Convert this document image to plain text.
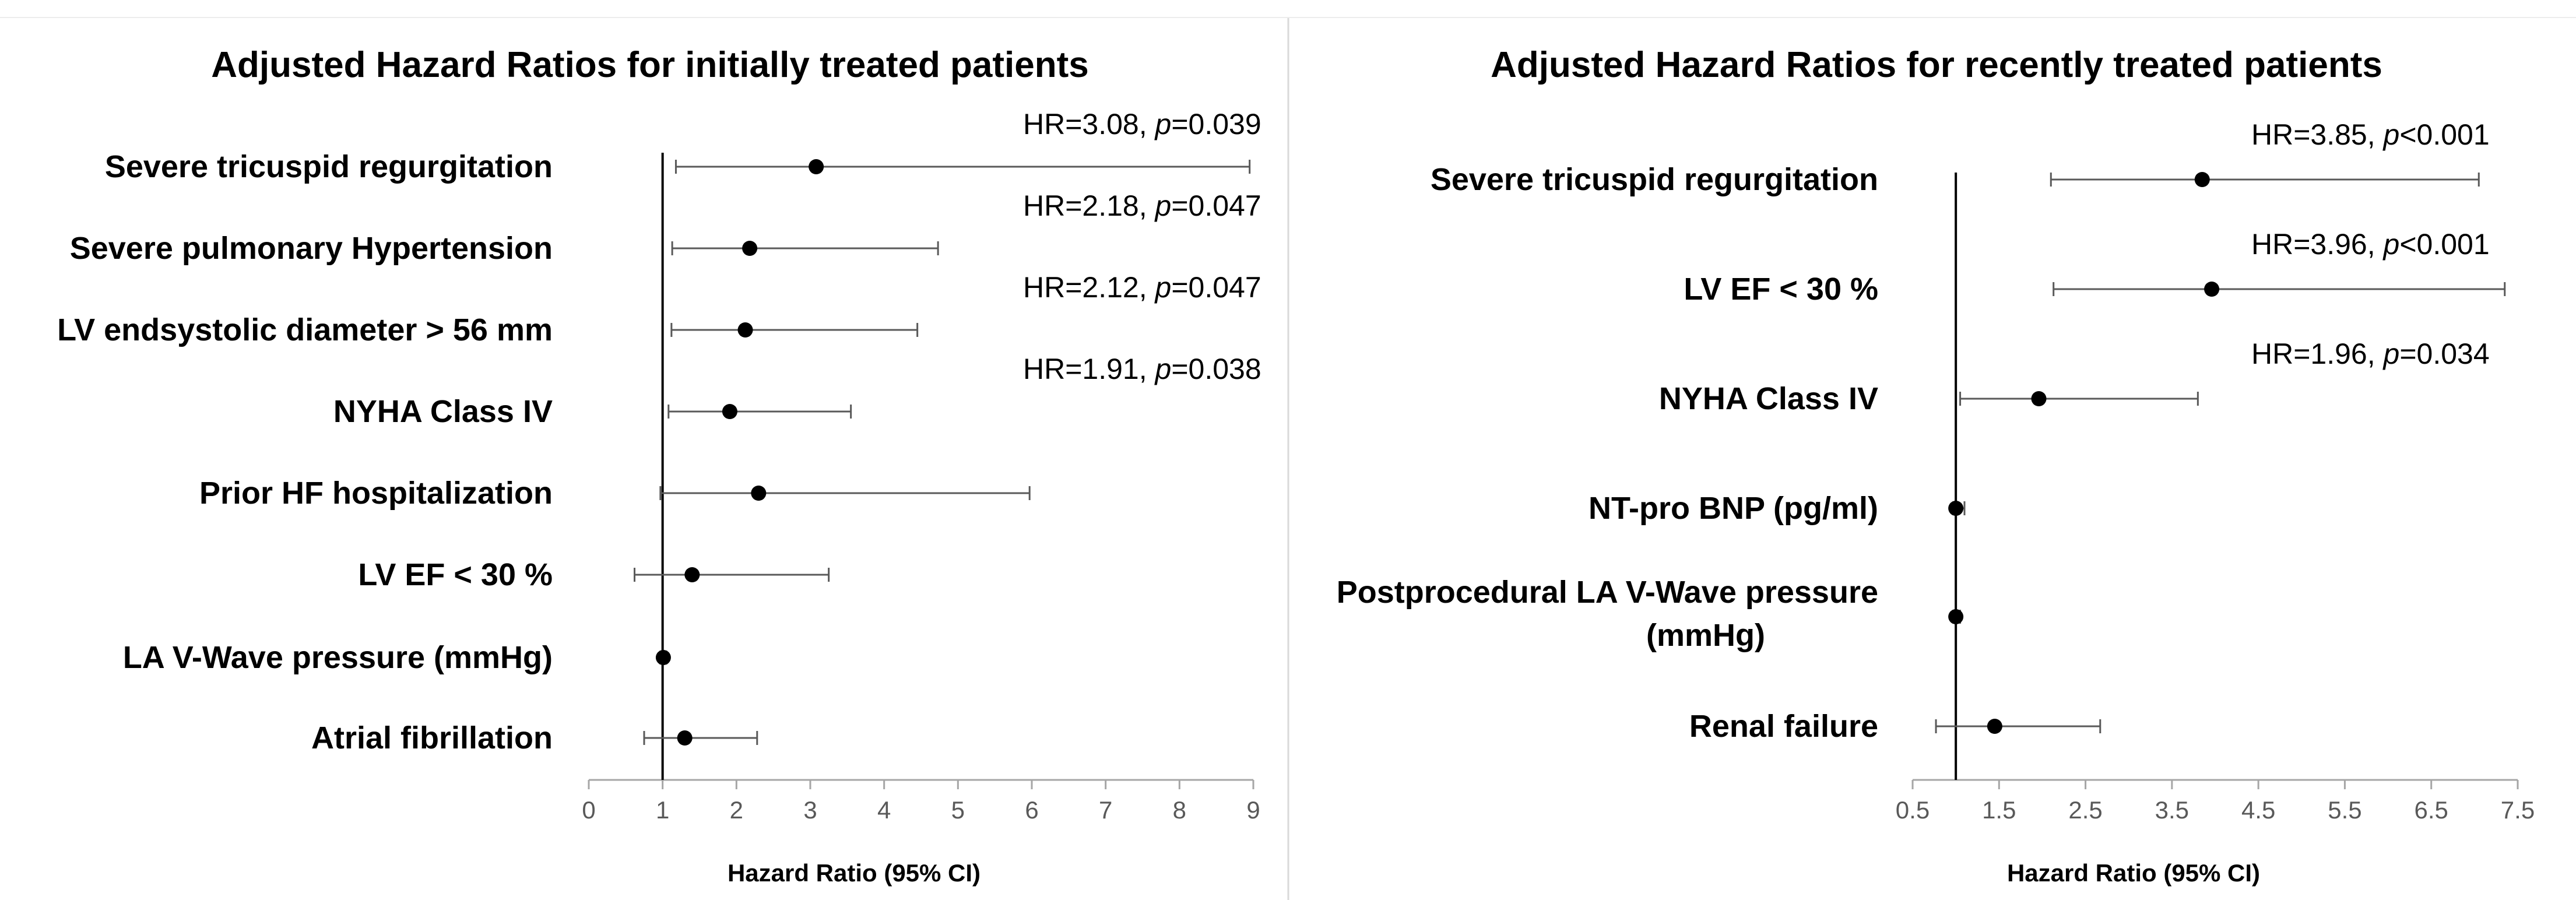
Adjusted Hazard Ratios for initially treated patients
0 1 2 3 4 5 6 7 8 9
Hazard Ratio (95% CI)
Severe tricuspid regurgitation
HR=3.08, p=0.039
Severe pulmonary Hypertension
HR=2.18, p=0.047
LV endsystolic diameter > 56 mm
HR=2.12, p=0.047
NYHA Class IV
HR=1.91, p=0.038
Prior HF hospitalization
LV EF < 30 %
LA V-Wave pressure (mmHg)
Atrial fibrillation
Adjusted Hazard Ratios for recently treated patients
0.5 1.5 2.5 3.5 4.5 5.5 6.5 7.5
Hazard Ratio (95% CI)
Severe tricuspid regurgitation
HR=3.85, p<0.001
LV EF < 30 %
HR=3.96, p<0.001
NYHA Class IV
HR=1.96, p=0.034
NT-pro BNP (pg/ml)
Postprocedural LA V-Wave pressure
(mmHg)
Renal failure
